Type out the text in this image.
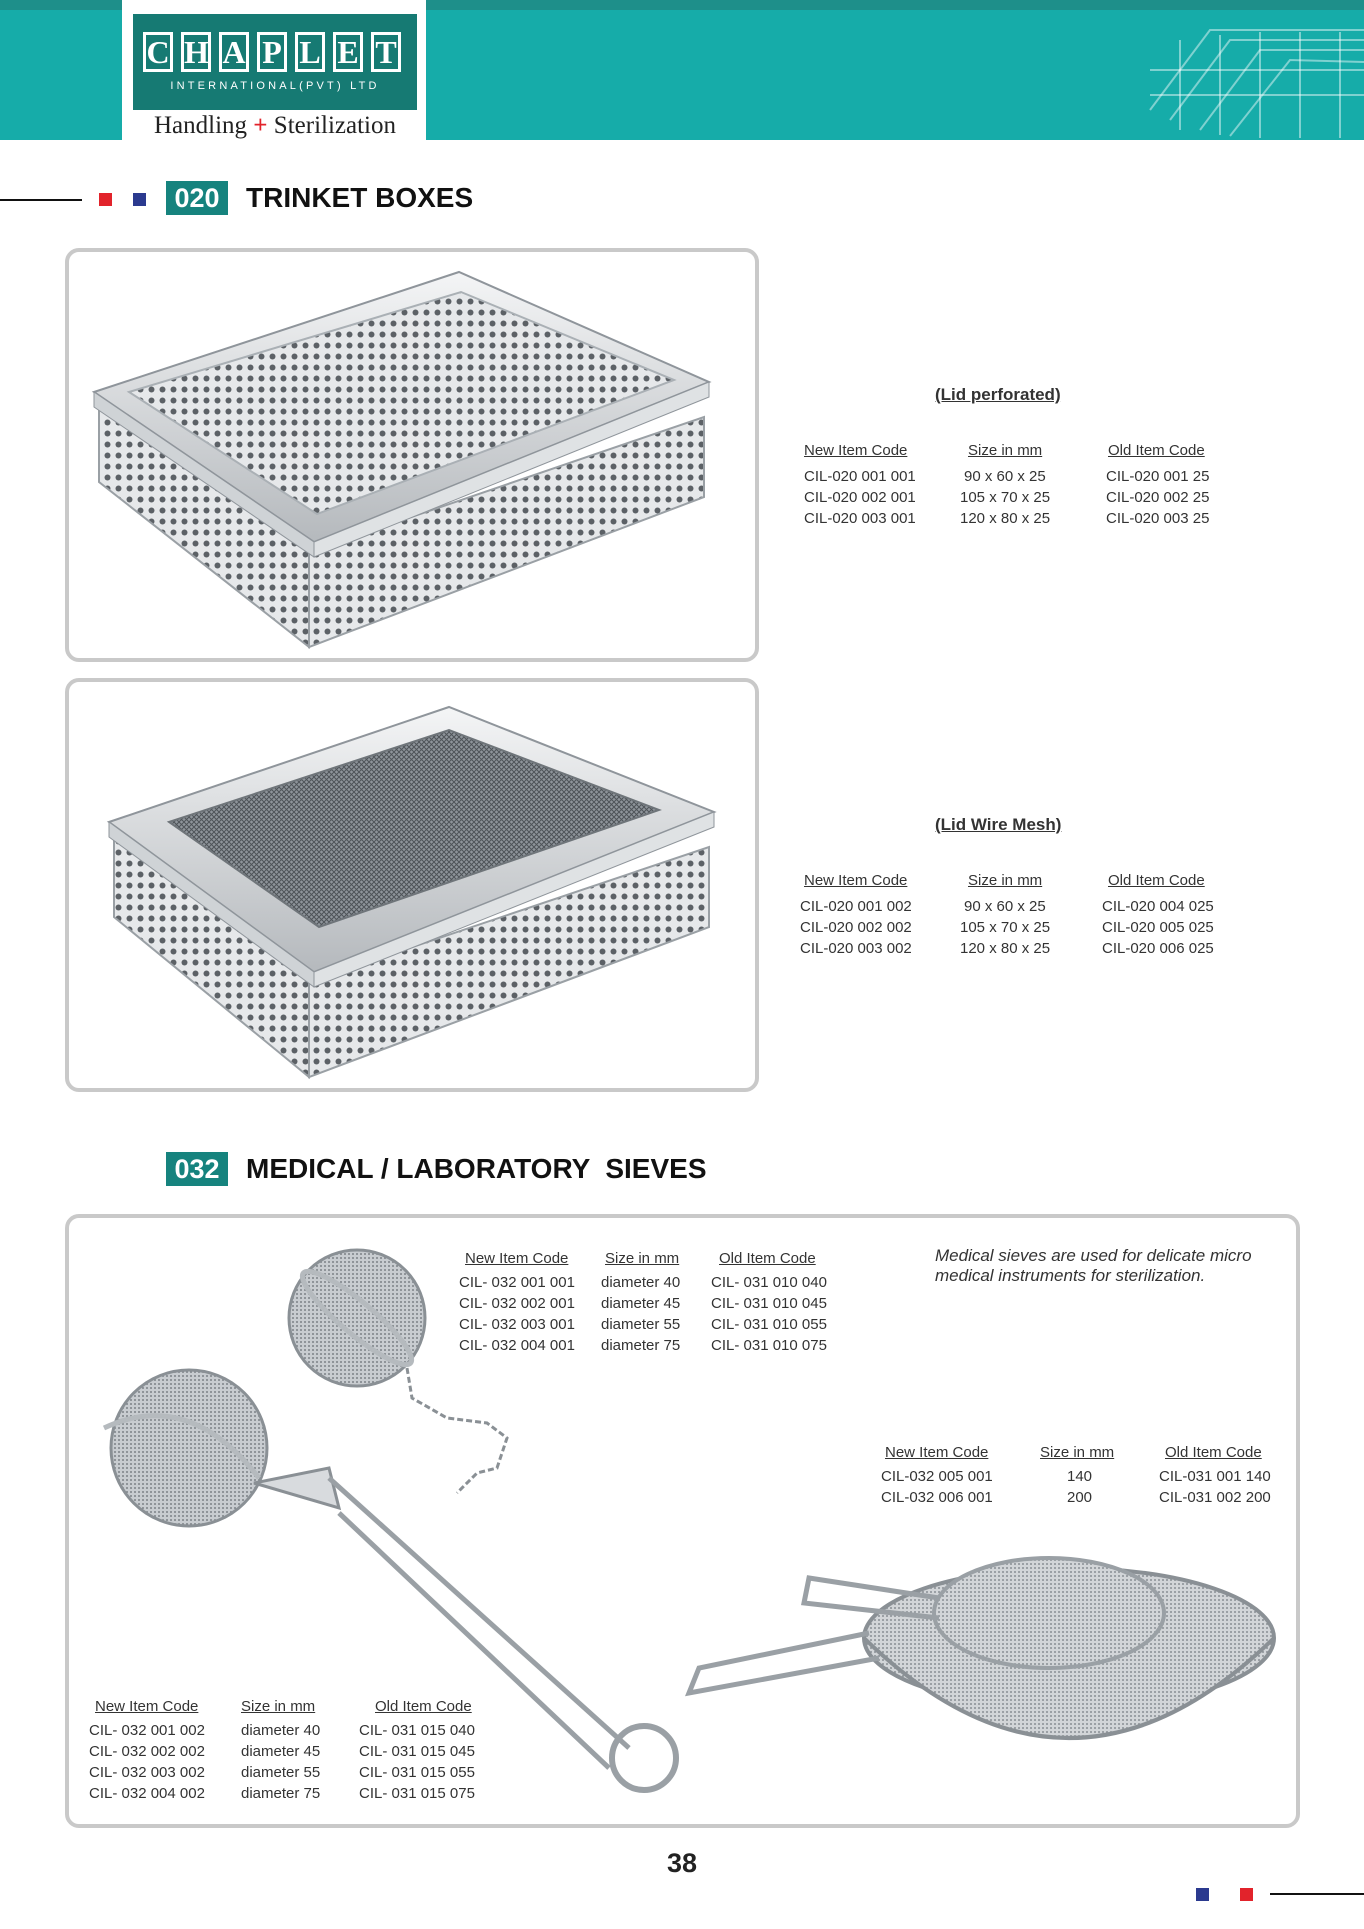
C H A P L E T
INTERNATIONAL(PVT) LTD
Handling + Sterilization
020 TRINKET BOXES
(Lid perforated)
New Item Code	Size in mm	Old Item Code
CIL-020 001 001	90 x 60 x 25	CIL-020 001 25
CIL-020 002 001	105 x 70 x 25	CIL-020 002 25
CIL-020 003 001	120 x 80 x 25	CIL-020 003 25
(Lid Wire Mesh)
New Item Code	Size in mm	Old Item Code
CIL-020 001 002	90 x 60 x 25	CIL-020 004 025
CIL-020 002 002	105 x 70 x 25	CIL-020 005 025
CIL-020 003 002	120 x 80 x 25	CIL-020 006 025
032 MEDICAL / LABORATORY  SIEVES
New Item Code Size in mm	Old Item Code
CIL- 032 001 001 diameter 40 CIL- 031 010 040
CIL- 032 002 001 diameter 45 CIL- 031 010 045
CIL- 032 003 001 diameter 55 CIL- 031 010 055
CIL- 032 004 001 diameter 75 CIL- 031 010 075
Medical sieves are used for delicate micro medical instruments for sterilization.
New Item Code	Size in mm	Old Item Code
CIL-032 005 001	140	CIL-031 001 140
CIL-032 006 001	200	CIL-031 002 200
New Item Code	Size in mm	Old Item Code
CIL- 032 001 002 diameter 40	CIL- 031 015 040
CIL- 032 002 002 diameter 45	CIL- 031 015 045
CIL- 032 003 002 diameter 55	CIL- 031 015 055
CIL- 032 004 002 diameter 75	CIL- 031 015 075
38
